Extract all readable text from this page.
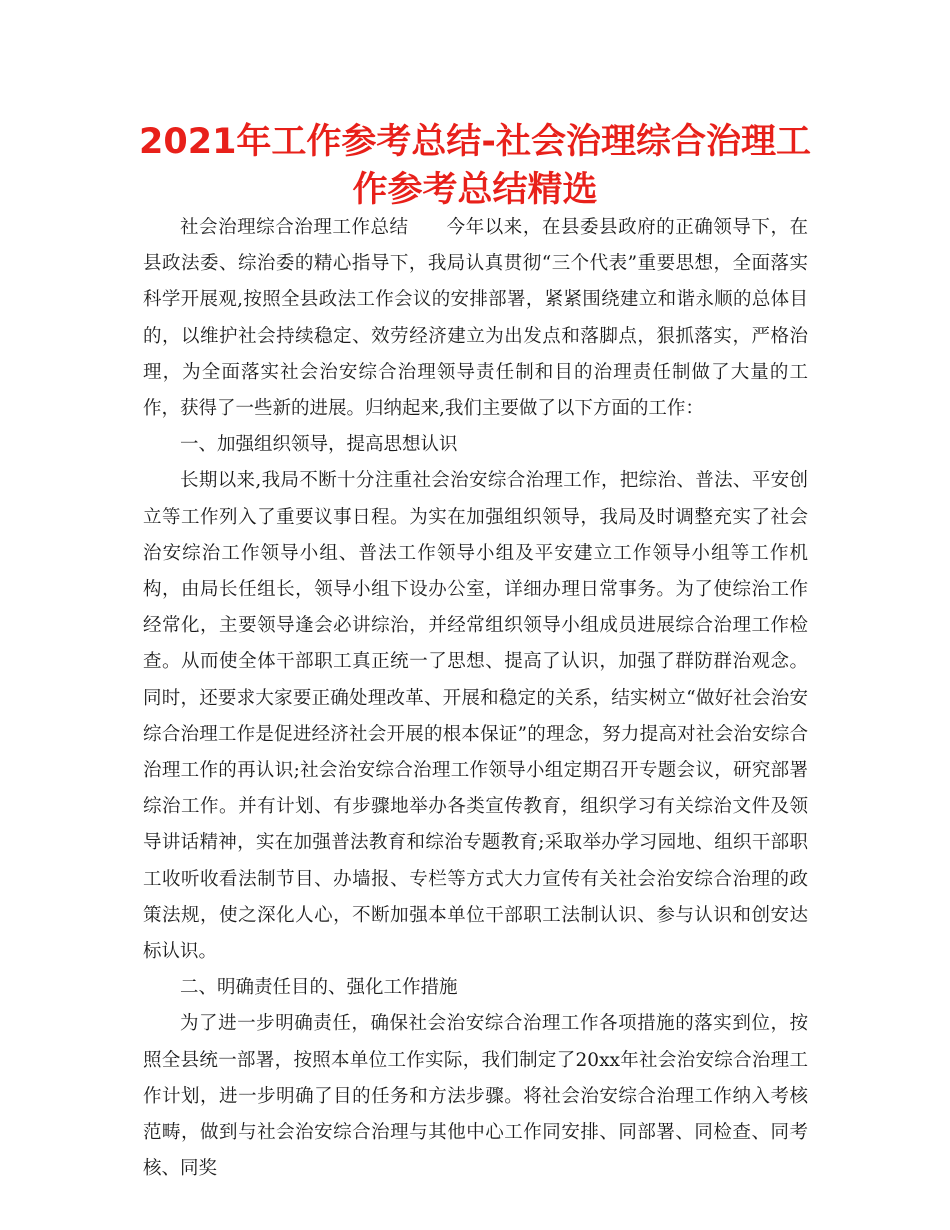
2021年工作参考总结-社会治理综合治理工作参考总结精选

社会治理综合治理工作总结　　今年以来，在县委县政府的正确领导下，在县政法委、综治委的精心指导下，我局认真贯彻“三个代表”重要思想，全面落实科学开展观,按照全县政法工作会议的安排部署，紧紧围绕建立和谐永顺的总体目的，以维护社会持续稳定、效劳经济建立为出发点和落脚点，狠抓落实，严格治理，为全面落实社会治安综合治理领导责任制和目的治理责任制做了大量的工作，获得了一些新的进展。归纳起来,我们主要做了以下方面的工作：

一、加强组织领导，提高思想认识

长期以来,我局不断十分注重社会治安综合治理工作，把综治、普法、平安创立等工作列入了重要议事日程。为实在加强组织领导，我局及时调整充实了社会治安综治工作领导小组、普法工作领导小组及平安建立工作领导小组等工作机构，由局长任组长，领导小组下设办公室，详细办理日常事务。为了使综治工作经常化，主要领导逢会必讲综治，并经常组织领导小组成员进展综合治理工作检查。从而使全体干部职工真正统一了思想、提高了认识，加强了群防群治观念。同时，还要求大家要正确处理改革、开展和稳定的关系，结实树立“做好社会治安综合治理工作是促进经济社会开展的根本保证”的理念，努力提高对社会治安综合治理工作的再认识;社会治安综合治理工作领导小组定期召开专题会议，研究部署综治工作。并有计划、有步骤地举办各类宣传教育，组织学习有关综治文件及领导讲话精神，实在加强普法教育和综治专题教育;采取举办学习园地、组织干部职工收听收看法制节目、办墙报、专栏等方式大力宣传有关社会治安综合治理的政策法规，使之深化人心，不断加强本单位干部职工法制认识、参与认识和创安达标认识。

二、明确责任目的、强化工作措施

为了进一步明确责任，确保社会治安综合治理工作各项措施的落实到位，按照全县统一部署，按照本单位工作实际，我们制定了20xx年社会治安综合治理工作计划，进一步明确了目的任务和方法步骤。将社会治安综合治理工作纳入考核范畴，做到与社会治安综合治理与其他中心工作同安排、同部署、同检查、同考核、同奖
